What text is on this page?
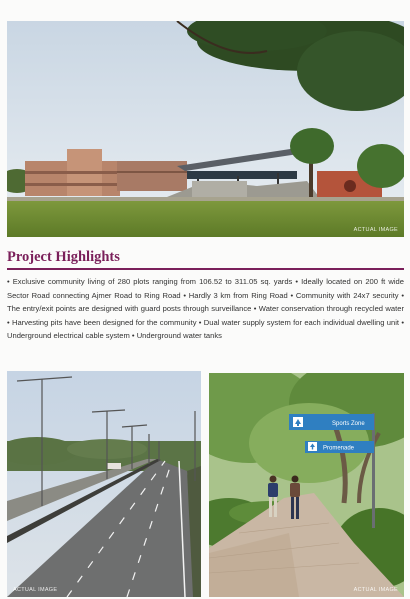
ACTUAL IMAGE
Project Highlights

• Exclusive community living of 280 plots ranging from 106.52 to 311.05 sq. yards • Ideally located on 200 ft wide Sector Road connecting Ajmer Road to Ring Road • Hardly 3 km from Ring Road • Community with 24x7 security • The entry/exit points are designed with guard posts through surveillance • Water conservation through recycled water • Harvesting pits have been designed for the community • Dual water supply system for each individual dwelling unit • Underground electrical cable system • Underground water tanks

ACTUAL IMAGE
Sports Zone
Promenade
ACTUAL IMAGE
